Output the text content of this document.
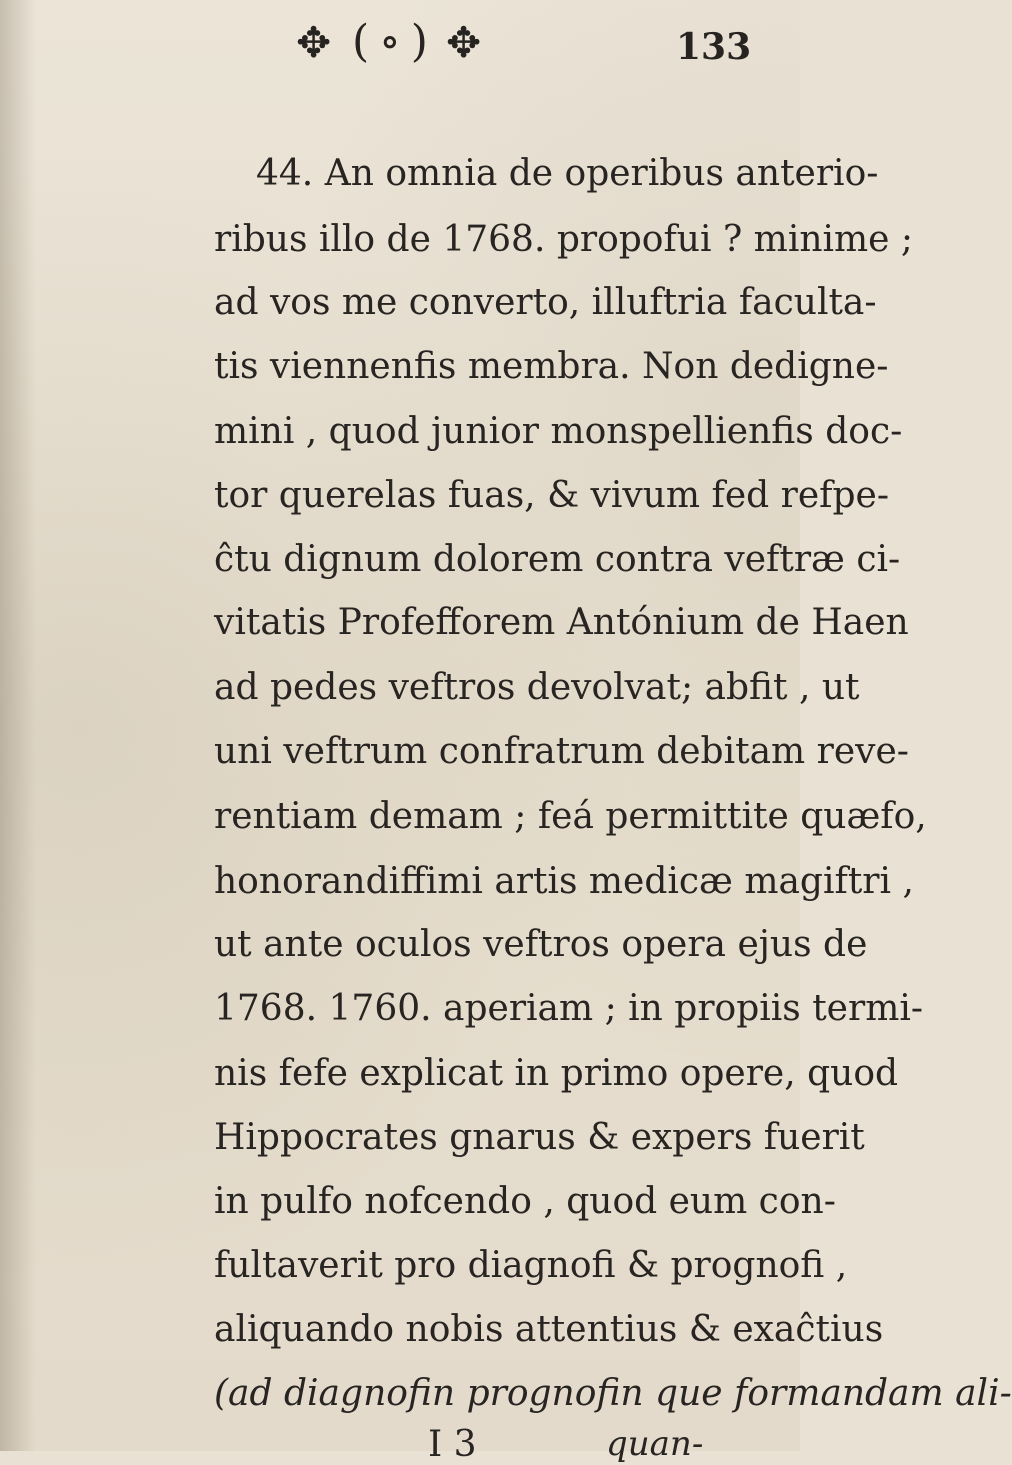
✥ (∘) ✥	133
44. An omnia de operibus anterio-
ribus illo de 1768. propofui ? minime ;
ad vos me converto, illuftria faculta-
tis viennenfis membra. Non dedigne-
mini , quod junior monspellienfis doc-
tor querelas fuas, & vivum fed refpe-
ĉtu dignum dolorem contra veftræ ci-
vitatis Profefforem Antónium de Haen
ad pedes veftros devolvat; abfit , ut
uni veftrum confratrum debitam reve-
rentiam demam ; feá permittite quæfo,
honorandiffimi artis medicæ magiftri ,
ut ante oculos veftros opera ejus de
1768. 1760. aperiam ; in propiis termi-
nis fefe explicat in primo opere, quod
Hippocrates gnarus & expers fuerit
in pulfo nofcendo , quod eum con-
fultaverit pro diagnofi & prognofi ,
aliquando nobis attentius & exaĉtius
(ad diagnofin prognofin que formandam ali-
I 3	quan-
